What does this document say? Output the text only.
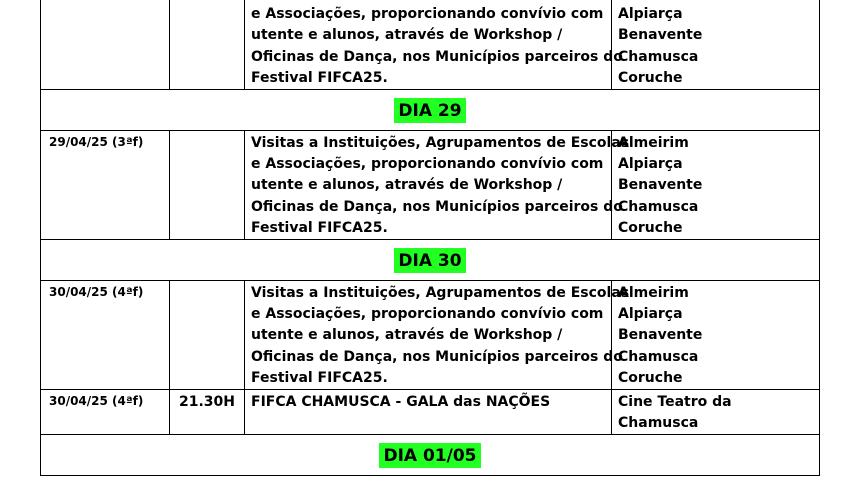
e Associações, proporcionando convívio com
utente e alunos, através de Workshop /
Oficinas de Dança, nos Municípios parceiros do
Festival FIFCA25.	Alpiarça
Benavente
Chamusca
Coruche

DIA 29			
29/04/25 (3ªf)		Visitas a Instituições, Agrupamentos de Escolas
e Associações, proporcionando convívio com
utente e alunos, através de Workshop /
Oficinas de Dança, nos Municípios parceiros do
Festival FIFCA25.	Almeirim
Alpiarça
Benavente
Chamusca
Coruche

DIA 30			
30/04/25 (4ªf)		Visitas a Instituições, Agrupamentos de Escolas
e Associações, proporcionando convívio com
utente e alunos, através de Workshop /
Oficinas de Dança, nos Municípios parceiros do
Festival FIFCA25.	Almeirim
Alpiarça
Benavente
Chamusca
Coruche

30/04/25 (4ªf)	21.30H	FIFCA CHAMUSCA - GALA das NAÇÕES	Cine Teatro da Chamusca
DIA 01/05			
